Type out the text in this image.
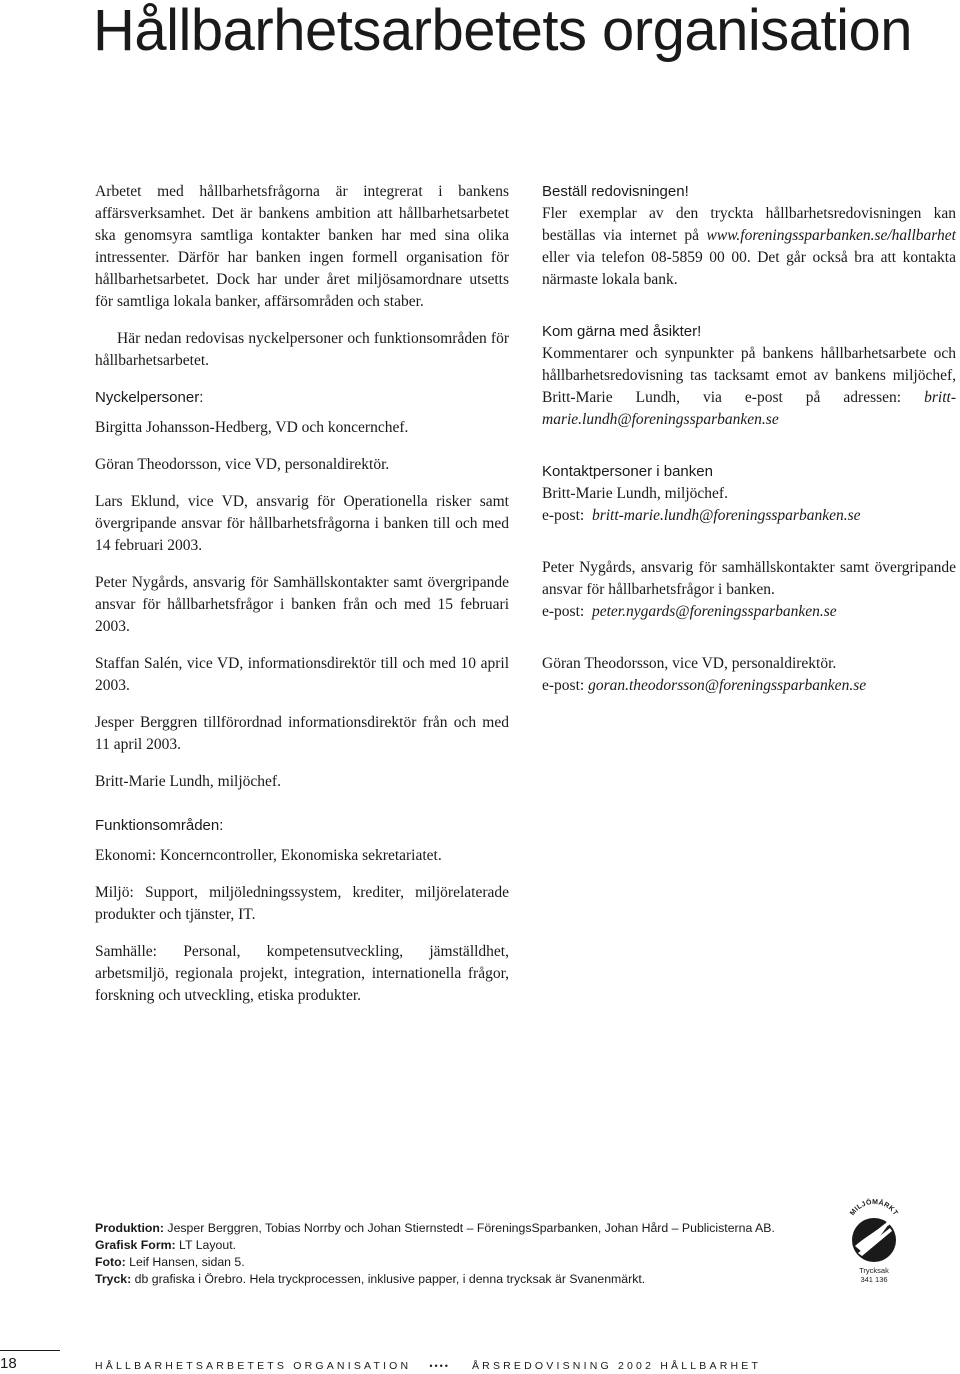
Hållbarhetsarbetets organisation

Arbetet med hållbarhetsfrågorna är integrerat i bankens affärsverksamhet. Det är bankens ambition att hållbarhetsarbetet ska genomsyra samtliga kontakter banken har med sina olika intressenter. Därför har banken ingen formell organisation för hållbarhetsarbetet. Dock har under året miljösamordnare utsetts för samtliga lokala banker, affärsområden och staber.

Här nedan redovisas nyckelpersoner och funktionsområden för hållbarhetsarbetet.

Nyckelpersoner:

Birgitta Johansson-Hedberg, VD och koncernchef.

Göran Theodorsson, vice VD, personaldirektör.

Lars Eklund, vice VD, ansvarig för Operationella risker samt övergripande ansvar för hållbarhetsfrågorna i banken till och med 14 februari 2003.

Peter Nygårds, ansvarig för Samhällskontakter samt övergripande ansvar för hållbarhetsfrågor i banken från och med 15 februari 2003.

Staffan Salén, vice VD, informationsdirektör till och med 10 april 2003.

Jesper Berggren tillförordnad informationsdirektör från och med 11 april 2003.

Britt-Marie Lundh, miljöchef.

Funktionsområden:

Ekonomi: Koncerncontroller, Ekonomiska sekretariatet.

Miljö: Support, miljöledningssystem, krediter, miljörelaterade produkter och tjänster, IT.

Samhälle: Personal, kompetensutveckling, jämställdhet, arbetsmiljö, regionala projekt, integration, internationella frågor, forskning och utveckling, etiska produkter.

Beställ redovisningen!

Fler exemplar av den tryckta hållbarhetsredovisningen kan beställas via internet på www.foreningssparbanken.se/hallbarhet eller via telefon 08-5859 00 00. Det går också bra att kontakta närmaste lokala bank.

Kom gärna med åsikter!

Kommentarer och synpunkter på bankens hållbarhetsarbete och hållbarhetsredovisning tas tacksamt emot av bankens miljöchef, Britt-Marie Lundh, via e-post på adressen: britt-marie.lundh@foreningssparbanken.se

Kontaktpersoner i banken

Britt-Marie Lundh, miljöchef.

e-post: britt-marie.lundh@foreningssparbanken.se

Peter Nygårds, ansvarig för samhällskontakter samt övergripande ansvar för hållbarhetsfrågor i banken.

e-post: peter.nygards@foreningssparbanken.se

Göran Theodorsson, vice VD, personaldirektör.

e-post: goran.theodorsson@foreningssparbanken.se

Produktion: Jesper Berggren, Tobias Norrby och Johan Stiernstedt – FöreningsSparbanken, Johan Hård – Publicisterna AB.
Grafisk Form: LT Layout.
Foto: Leif Hansen, sidan 5.
Tryck: db grafiska i Örebro. Hela tryckprocessen, inklusive papper, i denna trycksak är Svanenmärkt.
MILJÖMÄRKT
Trycksak
341 136
18	HÅLLBARHETSARBETETS ORGANISATION •••• ÅRSREDOVISNING 2002 HÅLLBARHET
